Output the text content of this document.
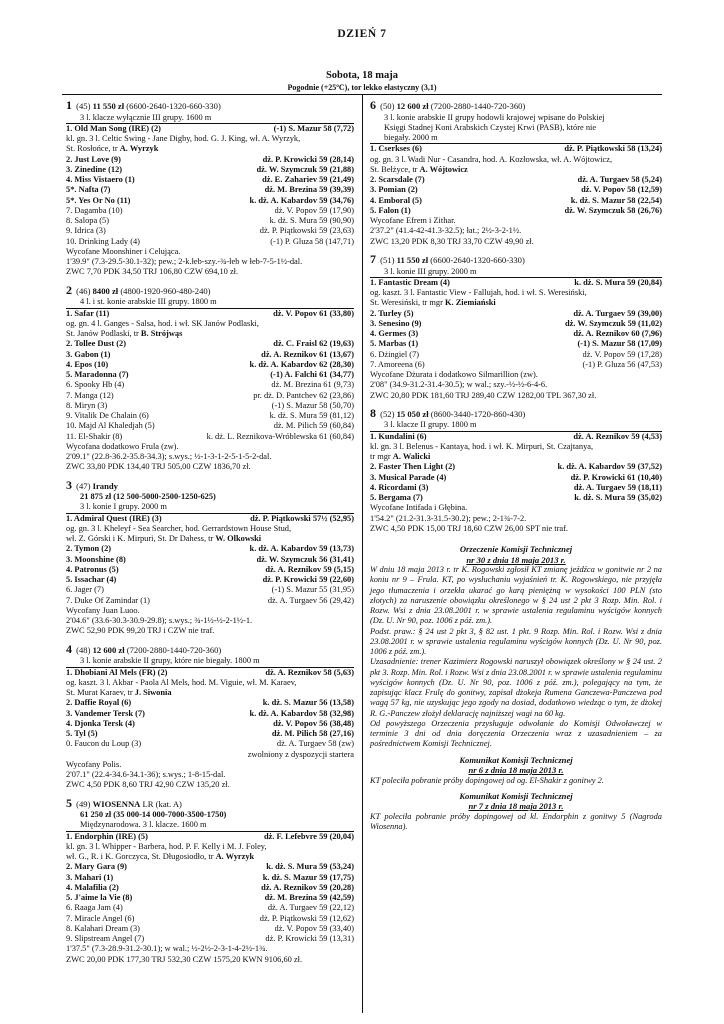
DZIEŃ 7
Sobota, 18 maja
Pogodnie (+25ºC), tor lekko elastyczny (3,1)
1 (45) 11 550 zł (6600-2640-1320-660-330)
3 l. klacze wyłącznie III grupy. 1600 m
1. Old Man Song (IRE) (2)	(-1) S. Mazur 58 (7,72)
kl. gn. 3 l. Celtic Swing - Jane Digby, hod. G. J. King, wł. A. Wyrzyk,
St. Rosłońce, tr A. Wyrzyk
2. Just Love (9)	dż. P. Krowicki 59 (28,14)
3. Zinedine (12)	dż. W. Szymczuk 59 (21,88)
4. Miss Vistaero (1)	dż. E. Zahariev 59 (21,49)
5*. Nafta (7)	dż. M. Brezina 59 (39,39)
5*. Yes Or No (11)	k. dż. A. Kabardov 59 (34,76)
7. Dagamba (10)	dż. V. Popov 59 (17,90)
8. Salopa (5)	k. dż. S. Mura 59 (90,90)
9. Idrica (3)	dż. P. Piątkowski 59 (23,63)
10. Drinking Lady (4)	(-1) P. Gluza 58 (147,71)
Wycofane Moonshiner i Celująca.
1'39.9" (7.3-29.5-30.1-32); pew.; 2-k.łeb-szy.-¾-łeb w łeb-7-5-1½-dal.
ZWC 7,70 PDK 34,50 TRJ 106,80 CZW 694,10 zł.
2 (46) 8400 zł (4800-1920-960-480-240)
4 l. i st. konie arabskie III grupy. 1800 m
1. Safar (11)	dż. V. Popov 61 (33,80)
og. gn. 4 l. Ganges - Salsa, hod. i wł. SK Janów Podlaski,
St. Janów Podlaski, tr B. Strójwąs
2. Tollee Dust (2)	dż. C. Fraisl 62 (19,63)
3. Gabon (1)	dż. A. Reznikov 61 (13,67)
4. Epos (10)	k. dż. A. Kabardov 62 (28,30)
5. Maradonna (7)	(-1) A. Falchi 61 (34,77)
6. Spooky Hb (4)	dż. M. Brezina 61 (9,73)
7. Manga (12)	pr. dż. D. Pantchev 62 (23,86)
8. Miryn (3)	(-1) S. Mazur 58 (50,70)
9. Vitalik De Chalain (6)	k. dż. S. Mura 59 (81,12)
10. Majd Al Khaledjah (5)	dż. M. Pilich 59 (60,84)
11. El-Shakir (8)	k. dż. L. Reznikova-Wróblewska 61 (60,84)
Wycofana dodatkowo Frula (zw).
2'09.1" (22.8-36.2-35.8-34.3); s.wys.; ½-1-3-1-2-5-1-5-2-dal.
ZWC 33,80 PDK 134,40 TRJ 505,00 CZW 1836,70 zł.
3 (47) Irandy
21 875 zł (12 500-5000-2500-1250-625)
3 l. konie I grupy. 2000 m
1. Admiral Quest (IRE) (3)	dż. P. Piątkowski 57½ (52,95)
og. gn. 3 l. Kheleyf - Sea Searcher, hod. Gerrardstown House Stud,
wł. Z. Górski i K. Mirpuri, St. Dr Dahess, tr W. Olkowski
2. Tymon (2)	k. dż. A. Kabardov 59 (13,73)
3. Moonshine (8)	dż. W. Szymczuk 56 (31,41)
4. Patronus (5)	dż. A. Reznikov 59 (5,15)
5. Issachar (4)	dż. P. Krowicki 59 (22,60)
6. Jager (7)	(-1) S. Mazur 55 (31,95)
7. Duke Of Zamindar (1)	dż. A. Turgaev 56 (29,42)
Wycofany Juan Luoo.
2'04.6" (33.6-30.3-30.9-29.8); s.wys.; ¾-1½-½-2-1½-1.
ZWC 52,90 PDK 99,20 TRJ i CZW nie traf.
4 (48) 12 600 zł (7200-2880-1440-720-360)
3 l. konie arabskie II grupy, które nie biegały. 1800 m
1. Dhobiani Al Mels (FR) (2)	dż. A. Reznikov 58 (5,63)
og. kaszt. 3 l. Akbar - Paola Al Mels, hod. M. Viguie, wł. M. Karaev,
St. Murat Karaev, tr J. Siwonia
2. Daffie Royal (6)	k. dż. S. Mazur 56 (13,58)
3. Vandemer Tersk (7)	k. dż. A. Kabardov 58 (32,98)
4. Djonka Tersk (4)	dż. V. Popov 56 (38,48)
5. Tyl (5)	dż. M. Pilich 58 (27,16)
0. Faucon du Loup (3)	dż. A. Turgaev 58 (zw)
zwolniony z dyspozycji startera
Wycofany Polis.
2'07.1" (22.4-34.6-34.1-36); s.wys.; 1-8-15-dal.
ZWC 4,50 PDK 8,60 TRJ 42,90 CZW 135,20 zł.
5 (49) WIOSENNA LR (kat. A)
61 250 zł (35 000-14 000-7000-3500-1750)
Międzynarodowa. 3 l. klacze. 1600 m
1. Endorphin (IRE) (5)	dż. F. Lefebvre 59 (20,04)
kl. gn. 3 l. Whipper - Barbera, hod. P. F. Kelly i M. J. Foley,
wł. G., R. i K. Gorczyca, St. Długosiodło, tr A. Wyrzyk
2. Mary Gara (9)	k. dż. S. Mura 59 (53,24)
3. Mahari (1)	k. dż. S. Mazur 59 (17,75)
4. Malafilia (2)	dż. A. Reznikov 59 (20,28)
5. J'aime la Vie (8)	dż. M. Brezina 59 (42,59)
6. Raaga Jam (4)	dż. A. Turgaev 59 (22,12)
7. Miracle Angel (6)	dż. P. Piątkowski 59 (12,62)
8. Kalahari Dream (3)	dż. V. Popov 59 (33,40)
9. Slipstream Angel (7)	dż. P. Krowicki 59 (13,31)
1'37.5" (7.3-28.9-31.2-30.1); w wal.; ½-2½-2-3-1-4-2½-1¾.
ZWC 20,00 PDK 177,30 TRJ 532,30 CZW 1575,20 KWN 9106,60 zł.
6 (50) 12 600 zł (7200-2880-1440-720-360)
3 l. konie arabskie II grupy hodowli krajowej wpisane do Polskiej
Księgi Stadnej Koni Arabskich Czystej Krwi (PASB), które nie
biegały. 2000 m
1. Cserkses (6)	dż. P. Piątkowski 58 (13,24)
og. gn. 3 l. Wadi Nur - Casandra, hod. A. Kozłowska, wł. A. Wójtowicz,
St. Bełżyce, tr A. Wójtowicz
2. Scarsdale (7)	dż. A. Turgaev 58 (5,24)
3. Pomian (2)	dż. V. Popov 58 (12,59)
4. Emboral (5)	k. dż. S. Mazur 58 (22,54)
5. Falon (1)	dż. W. Szymczuk 58 (26,76)
Wycofane Efrem i Zithar.
2'37.2" (41.4-42-41.3-32.5); łat.; 2½-3-2-1½.
ZWC 13,20 PDK 8,30 TRJ 33,70 CZW 49,90 zł.
7 (51) 11 550 zł (6600-2640-1320-660-330)
3 l. konie III grupy. 2000 m
1. Fantastic Dream (4)	k. dż. S. Mura 59 (20,84)
og. kaszt. 3 l. Fantastic View - Fallujah, hod. i wł. S. Weresiński,
St. Weresiński, tr mgr K. Ziemiański
2. Turley (5)	dż. A. Turgaev 59 (39,00)
3. Senesino (9)	dż. W. Szymczuk 59 (11,02)
4. Germes (3)	dż. A. Reznikov 60 (7,96)
5. Marbas (1)	(-1) S. Mazur 58 (17,09)
6. Dżingiel (7)	dż. V. Popov 59 (17,28)
7. Amoreena (6)	(-1) P. Gluza 56 (47,53)
Wycofane Dżurata i dodatkowo Silmarillion (zw).
2'08" (34.9-31.2-31.4-30.5); w wal.; szy.-½-½-6-4-6.
ZWC 20,80 PDK 181,60 TRJ 289,40 CZW 1282,00 TPL 367,30 zł.
8 (52) 15 050 zł (8600-3440-1720-860-430)
3 l. klacze II grupy. 1800 m
1. Kundalini (6)	dż. A. Reznikov 59 (4,53)
kl. gn. 3 l. Belenus - Kantaya, hod. i wł. K. Mirpuri, St. Czajtanya,
tr mgr A. Walicki
2. Faster Then Light (2)	k. dż. A. Kabardov 59 (37,52)
3. Musical Parade (4)	dż. P. Krowicki 61 (10,40)
4. Ricordami (3)	dż. A. Turgaev 59 (18,11)
5. Bergama (7)	k. dż. S. Mura 59 (35,02)
Wycofane Intifada i Głębina.
1'54.2" (21.2-31.3-31.5-30.2); pew.; 2-1¾-7-2.
ZWC 4,50 PDK 15,00 TRJ 18,60 CZW 26,00 SPT nie traf.
Orzeczenie Komisji Technicznej
nr 30 z dnia 18 maja 2013 r.
W dniu 18 maja 2013 r. tr K. Rogowski zgłosił KT zmianę jeźdźca w gonitwie nr 2 na koniu nr 9 – Frula. KT, po wysłuchaniu wyjaśnień tr. K. Rogowskiego, nie przyjęła jego tłumaczenia i orzekła ukarać go karą pieniężną w wysokości 100 PLN (sto złotych) za naruszenie obowiązku określonego w § 24 ust 2 pkt 3 Rozp. Min. Rol. i Rozw. Wsi z dnia 23.08.2001 r. w sprawie ustalenia regulaminu wyścigów konnych (Dz. U. Nr 90, poz. 1006 z póź. zm.).
Podst. praw.: § 24 ust 2 pkt 3, § 82 ust. 1 pkt. 9 Rozp. Min. Rol. i Rozw. Wsi z dnia 23.08.2001 r. w sprawie ustalenia regulaminu wyścigów konnych (Dz. U. Nr 90, poz. 1006 z póź. zm.).
Uzasadnienie: trener Kazimierz Rogowski naruszył obowiązek określony w § 24 ust. 2 pkt 3. Rozp. Min. Rol. i Rozw. Wsi z dnia 23.08.2001 r. w sprawie ustalenia regulaminu wyścigów konnych (Dz. U. Nr 90, poz. 1006 z póź. zm.), polegający na tym, że zapisując klacz Frulę do gonitwy, zapisał dżokeja Rumena Ganczewa-Panczewa pod wagą 57 kg, nie uzyskując jego zgody na dosiad, dodatkowo wiedząc o tym, że dżokej R. G.-Panczew złożył deklarację najniższej wagi na 60 kg.
Od powyższego Orzeczenia przysługuje odwołanie do Komisji Odwoławczej w terminie 3 dni od dnia doręczenia Orzeczenia wraz z uzasadnieniem – za pośrednictwem Komisji Technicznej.
Komunikat Komisji Technicznej
nr 6 z dnia 18 maja 2013 r.
KT poleciła pobranie próby dopingowej od og. El-Shakir z gonitwy 2.
Komunikat Komisji Technicznej
nr 7 z dnia 18 maja 2013 r.
KT poleciła pobranie próby dopingowej od kl. Endorphin z gonitwy 5 (Nagroda Wiosenna).
